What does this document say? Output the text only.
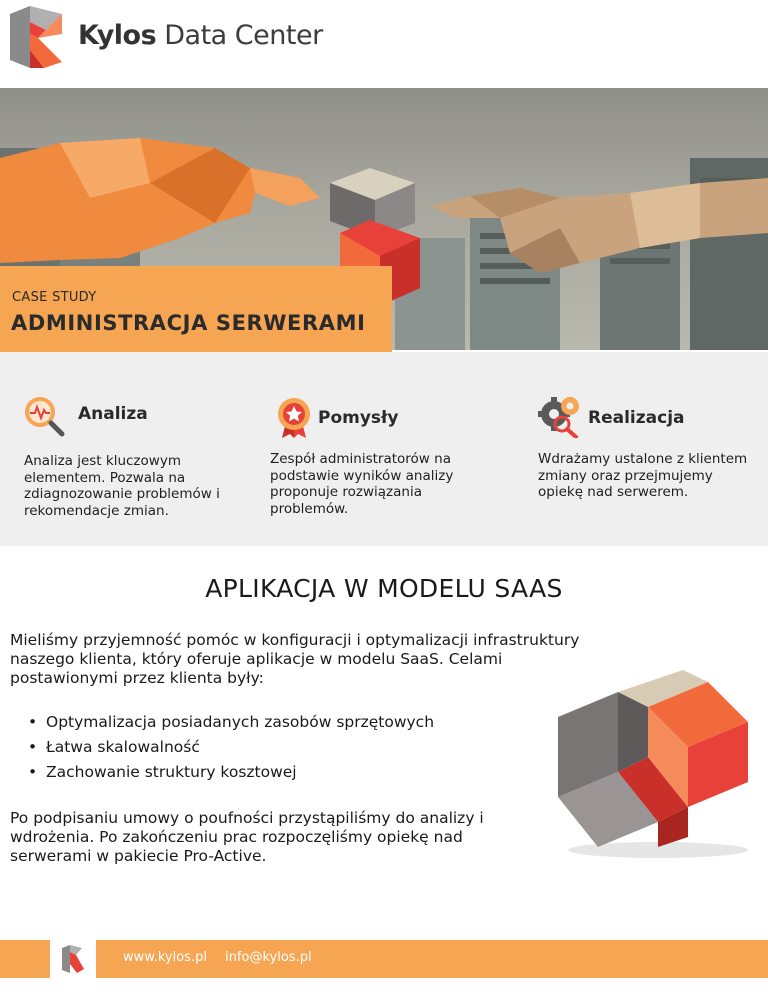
Kylos Data Center
CASE STUDY
ADMINISTRACJA SERWERAMI
Analiza
Analiza jest kluczowym elementem. Pozwala na zdiagnozowanie problemów i rekomendacje zmian.
Pomysły
Zespół administratorów na podstawie wyników analizy proponuje rozwiązania problemów.
Realizacja
Wdrażamy ustalone z klientem zmiany oraz przejmujemy opiekę nad serwerem.
APLIKACJA W MODELU SAAS
Mieliśmy przyjemność pomóc w konfiguracji i optymalizacji infrastruktury naszego klienta, który oferuje aplikacje w modelu SaaS. Celami postawionymi przez klienta były:
• Optymalizacja posiadanych zasobów sprzętowych
• Łatwa skalowalność
• Zachowanie struktury kosztowej
Po podpisaniu umowy o poufności przystąpiliśmy do analizy i wdrożenia. Po zakończeniu prac rozpoczęliśmy opiekę nad serwerami w pakiecie Pro-Active.
www.kylos.pl info@kylos.pl
